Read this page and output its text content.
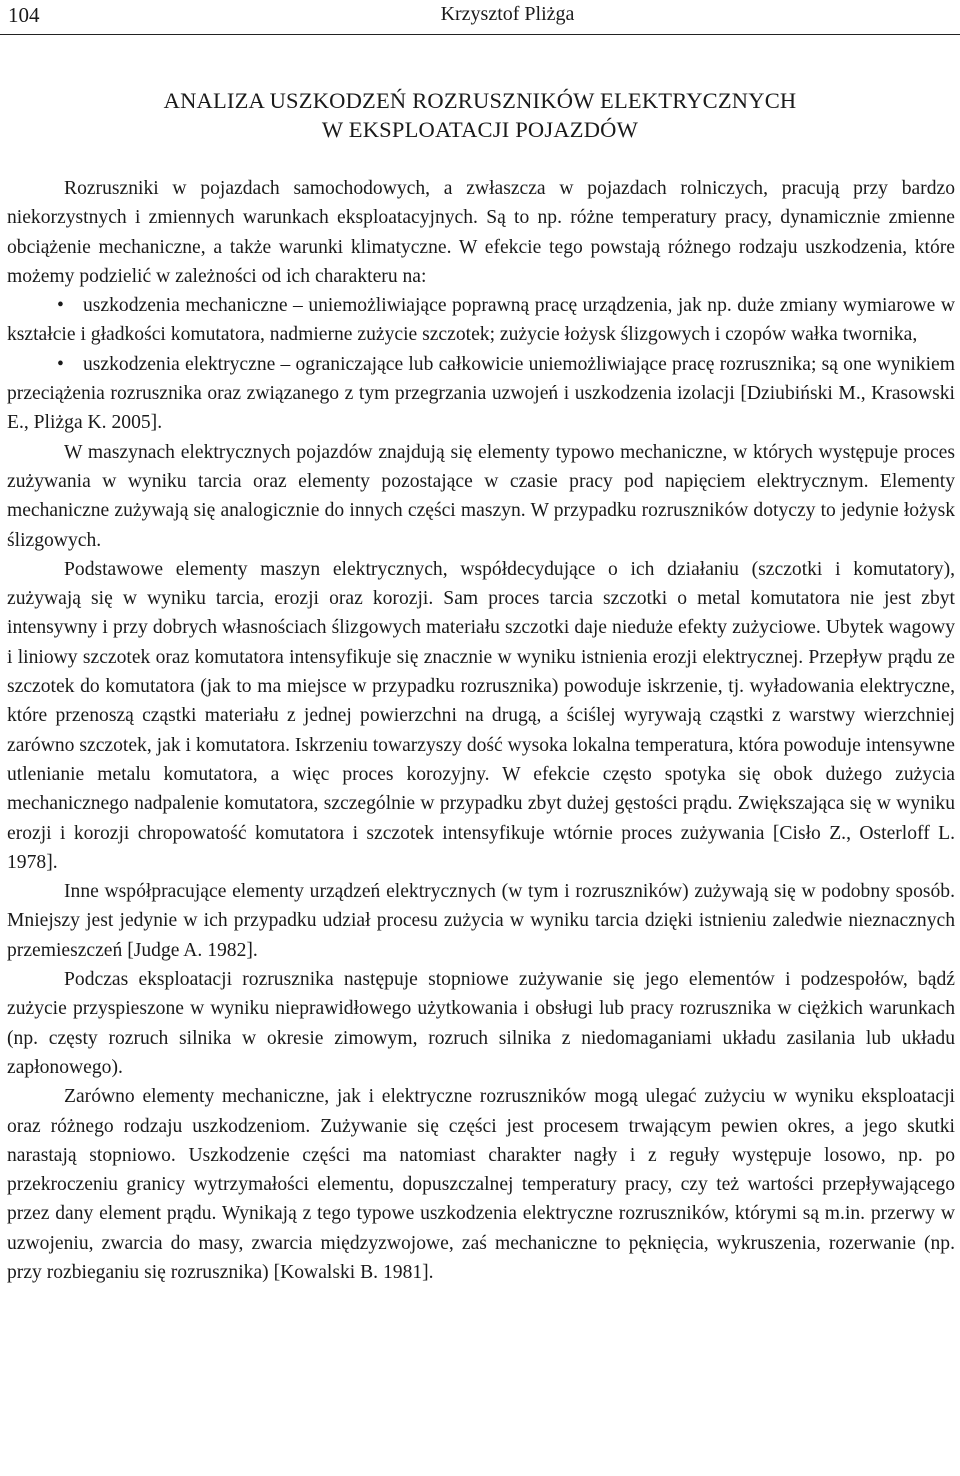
104	Krzysztof Pliżga
ANALIZA USZKODZEŃ ROZRUSZNIKÓW ELEKTRYCZNYCH
W EKSPLOATACJI POJAZDÓW

Rozruszniki w pojazdach samochodowych, a zwłaszcza w pojazdach rolniczych, pracują przy bardzo niekorzystnych i zmiennych warunkach eksploatacyjnych. Są to np. różne temperatury pracy, dynamicznie zmienne obciążenie mechaniczne, a także warunki klimatyczne. W efekcie tego powstają różnego rodzaju uszkodzenia, które możemy podzielić w zależności od ich charakteru na:

• uszkodzenia mechaniczne – uniemożliwiające poprawną pracę urządzenia, jak np. duże zmiany wymiarowe w kształcie i gładkości komutatora, nadmierne zużycie szczotek; zużycie łożysk ślizgowych i czopów wałka twornika,

• uszkodzenia elektryczne – ograniczające lub całkowicie uniemożliwiające pracę rozrusznika; są one wynikiem przeciążenia rozrusznika oraz związanego z tym przegrzania uzwojeń i uszkodzenia izolacji [Dziubiński M., Krasowski E., Pliżga K. 2005].

W maszynach elektrycznych pojazdów znajdują się elementy typowo mechaniczne, w których występuje proces zużywania w wyniku tarcia oraz elementy pozostające w czasie pracy pod napięciem elektrycznym. Elementy mechaniczne zużywają się analogicznie do innych części maszyn. W przypadku rozruszników dotyczy to jedynie łożysk ślizgowych.

Podstawowe elementy maszyn elektrycznych, współdecydujące o ich działaniu (szczotki i komutatory), zużywają się w wyniku tarcia, erozji oraz korozji. Sam proces tarcia szczotki o metal komutatora nie jest zbyt intensywny i przy dobrych własnościach ślizgowych materiału szczotki daje nieduże efekty zużyciowe. Ubytek wagowy i liniowy szczotek oraz komutatora intensyfikuje się znacznie w wyniku istnienia erozji elektrycznej. Przepływ prądu ze szczotek do komutatora (jak to ma miejsce w przypadku rozrusznika) powoduje iskrzenie, tj. wyładowania elektryczne, które przenoszą cząstki materiału z jednej powierzchni na drugą, a ściślej wyrywają cząstki z warstwy wierzchniej zarówno szczotek, jak i komutatora. Iskrzeniu towarzyszy dość wysoka lokalna temperatura, która powoduje intensywne utlenianie metalu komutatora, a więc proces korozyjny. W efekcie często spotyka się obok dużego zużycia mechanicznego nadpalenie komutatora, szczególnie w przypadku zbyt dużej gęstości prądu. Zwiększająca się w wyniku erozji i korozji chropowatość komutatora i szczotek intensyfikuje wtórnie proces zużywania [Cisło Z., Osterloff L. 1978].

Inne współpracujące elementy urządzeń elektrycznych (w tym i rozruszników) zużywają się w podobny sposób. Mniejszy jest jedynie w ich przypadku udział procesu zużycia w wyniku tarcia dzięki istnieniu zaledwie nieznacznych przemieszczeń [Judge A. 1982].

Podczas eksploatacji rozrusznika następuje stopniowe zużywanie się jego elementów i podzespołów, bądź zużycie przyspieszone w wyniku nieprawidłowego użytkowania i obsługi lub pracy rozrusznika w ciężkich warunkach (np. częsty rozruch silnika w okresie zimowym, rozruch silnika z niedomaganiami układu zasilania lub układu zapłonowego).

Zarówno elementy mechaniczne, jak i elektryczne rozruszników mogą ulegać zużyciu w wyniku eksploatacji oraz różnego rodzaju uszkodzeniom. Zużywanie się części jest procesem trwającym pewien okres, a jego skutki narastają stopniowo. Uszkodzenie części ma natomiast charakter nagły i z reguły występuje losowo, np. po przekroczeniu granicy wytrzymałości elementu, dopuszczalnej temperatury pracy, czy też wartości przepływającego przez dany element prądu. Wynikają z tego typowe uszkodzenia elektryczne rozruszników, którymi są m.in. przerwy w uzwojeniu, zwarcia do masy, zwarcia międzyzwojowe, zaś mechaniczne to pęknięcia, wykruszenia, rozerwanie (np. przy rozbieganiu się rozrusznika) [Kowalski B. 1981].
